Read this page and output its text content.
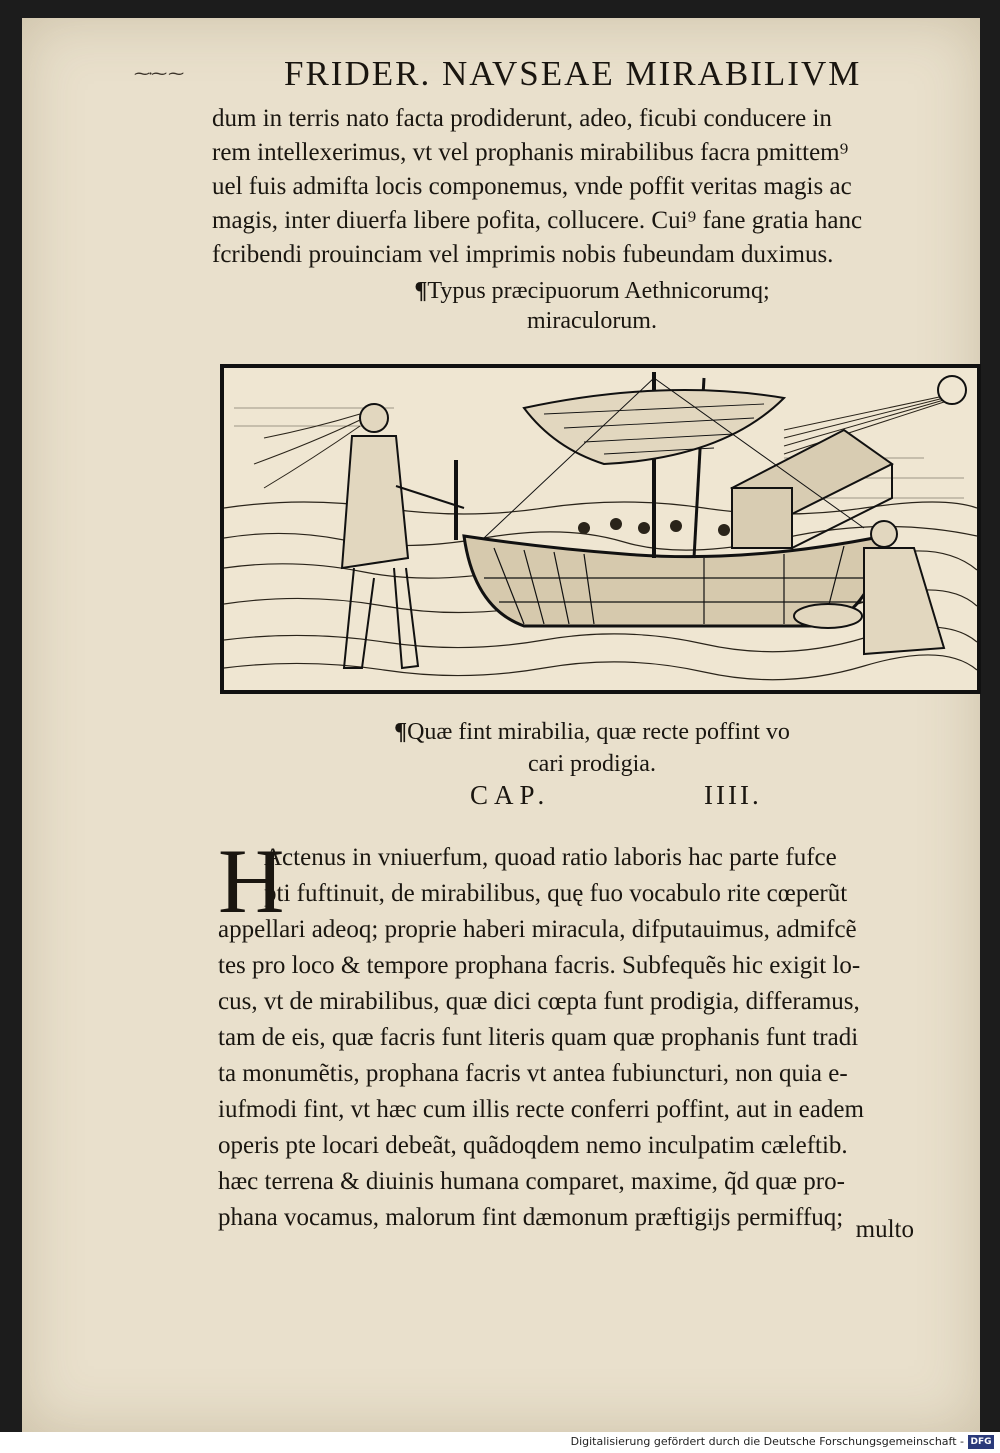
⁓·⁓ ⁓	FRIDER. NAVSEAE MIRABILIVM
dum in terris nato facta prodiderunt, adeo, ficubi conducere in
rem intellexerimus, vt vel prophanis mirabilibus facra pmittem⁹
uel fuis admifta locis componemus, vnde poffit veritas magis ac
magis, inter diuerfa libere pofita, collucere. Cui⁹ fane gratia hanc
fcribendi prouinciam vel imprimis nobis fubeundam duximus.
¶Typus præcipuorum Aethnicorumq;
miraculorum.
¶Quæ fint mirabilia, quæ recte poffint vo
cari prodigia.
CAP.	IIII.
H
Actenus in vniuerfum, quoad ratio laboris hac parte fufce
pti fuftinuit, de mirabilibus, quę fuo vocabulo rite cœperũt
appellari adeoq; proprie haberi miracula, difputauimus, admifcẽ
tes pro loco & tempore prophana facris. Subfequẽs hic exigit lo-
cus, vt de mirabilibus, quæ dici cœpta funt prodigia, differamus,
tam de eis, quæ facris funt literis quam quæ prophanis funt tradi
ta monumẽtis, prophana facris vt antea fubiuncturi, non quia e-
iufmodi fint, vt hæc cum illis recte conferri poffint, aut in eadem
operis pte locari debeãt, quãdoqdem nemo inculpatim cæleftib.
hæc terrena & diuinis humana comparet, maxime, q̃d quæ pro-
phana vocamus, malorum fint dæmonum præftigijs permiffuq; multo
Digitalisierung gefördert durch die Deutsche Forschungsgemeinschaft - DFG
